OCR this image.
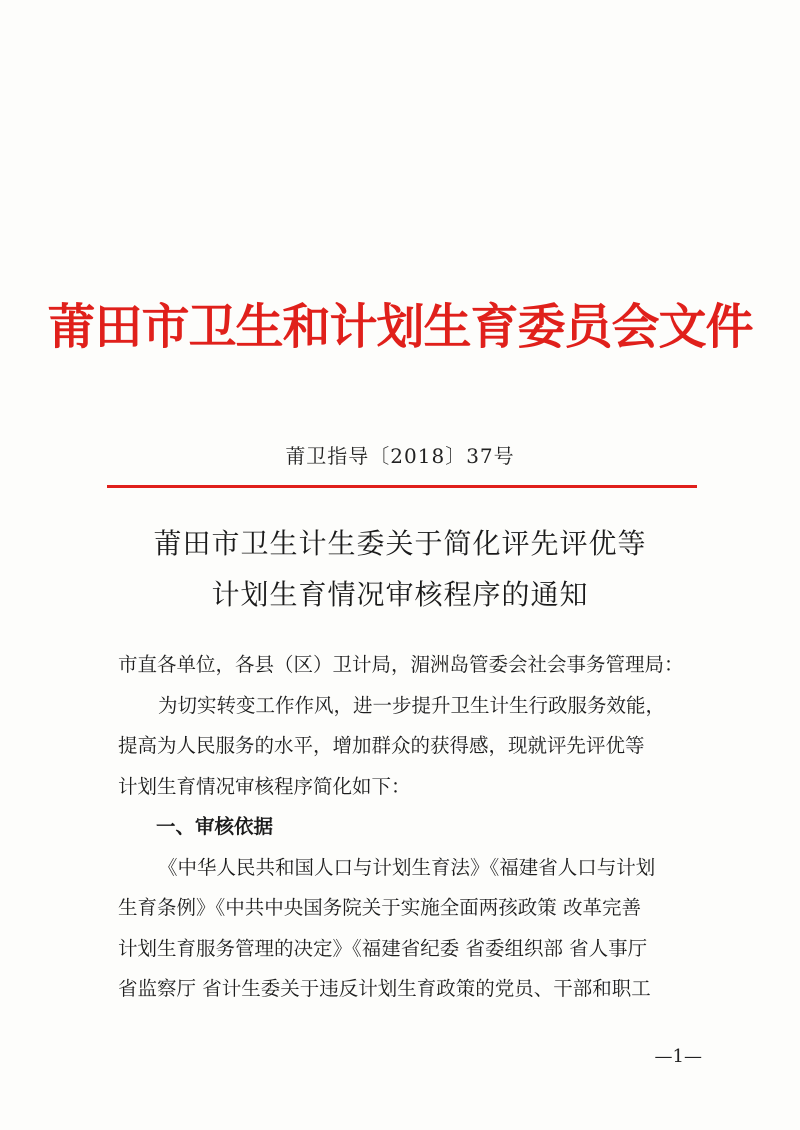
莆田市卫生和计划生育委员会文件
莆卫指导〔2018〕37号
莆田市卫生计生委关于简化评先评优等
计划生育情况审核程序的通知
市直各单位，各县（区）卫计局，湄洲岛管委会社会事务管理局：
为切实转变工作作风，进一步提升卫生计生行政服务效能，
提高为人民服务的水平，增加群众的获得感，现就评先评优等
计划生育情况审核程序简化如下：
一、审核依据
《中华人民共和国人口与计划生育法》《福建省人口与计划
生育条例》《中共中央国务院关于实施全面两孩政策 改革完善
计划生育服务管理的决定》《福建省纪委 省委组织部 省人事厅
省监察厅 省计生委关于违反计划生育政策的党员、干部和职工
—1—
